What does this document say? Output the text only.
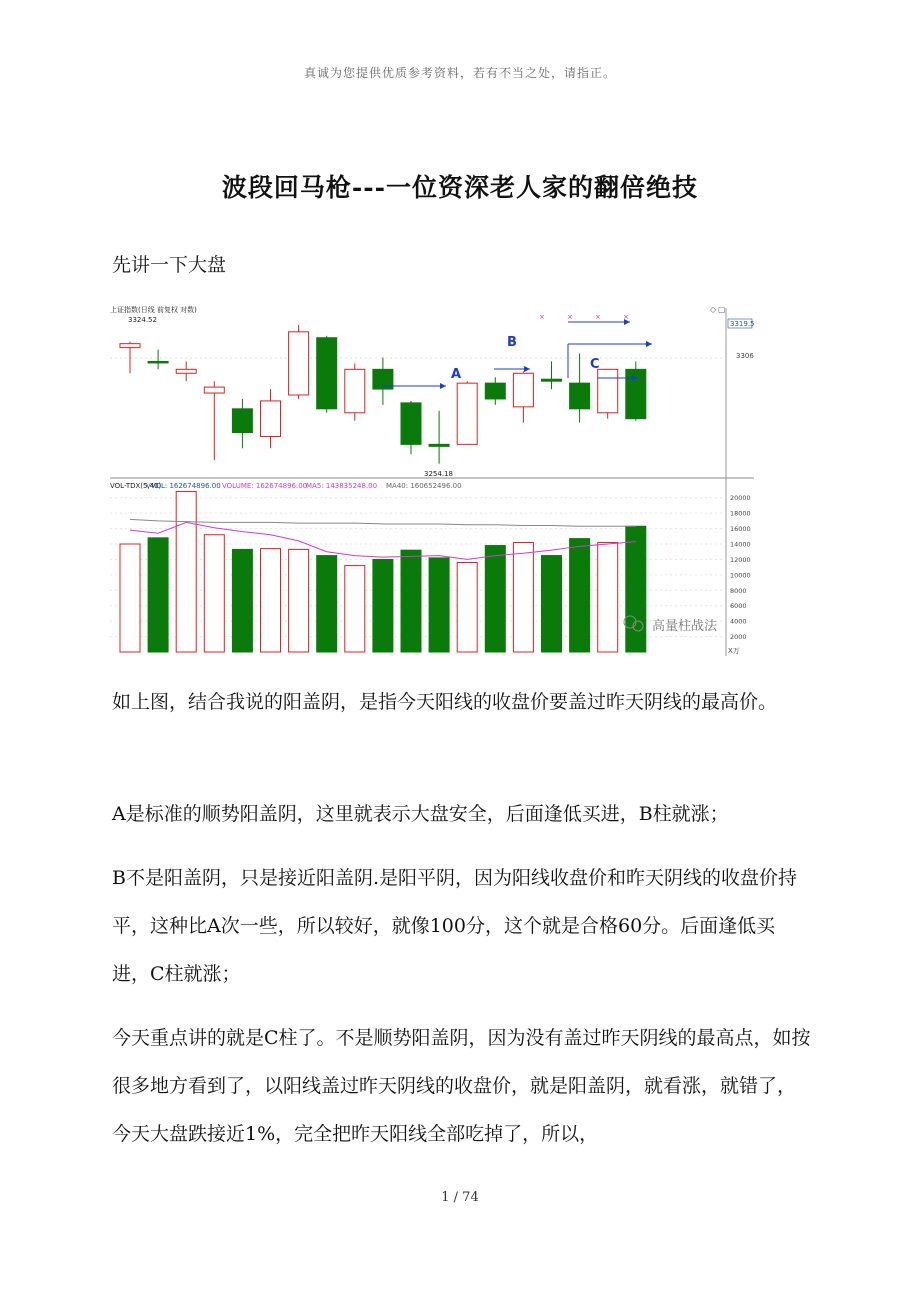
真诚为您提供优质参考资料，若有不当之处，请指正。
波段回马枪---一位资深老人家的翻倍绝技
先讲一下大盘
上证指数(日线 前复权 对数)
3324.52
3254.18
3319.5
3306
◇ ▢
A
B
C
×	×	×	×
VOL-TDX(5,40)
VVOL: 162674896.00 VOLUME: 162674896.00
MA5: 143835248.00 MA40: 160652496.00
20000
18000
16000
14000
12000
10000
8000
6000
4000
2000
高量柱战法
X万
如上图，结合我说的阳盖阴，是指今天阳线的收盘价要盖过昨天阴线的最高价。
A是标准的顺势阳盖阴，这里就表示大盘安全，后面逢低买进，B柱就涨；
B不是阳盖阴，只是接近阳盖阴.是阳平阴，因为阳线收盘价和昨天阴线的收盘价持平，这种比A次一些，所以较好，就像100分，这个就是合格60分。后面逢低买进，C柱就涨；
今天重点讲的就是C柱了。不是顺势阳盖阴，因为没有盖过昨天阴线的最高点，如按很多地方看到了，以阳线盖过昨天阴线的收盘价，就是阳盖阴，就看涨，就错了，今天大盘跌接近1%，完全把昨天阳线全部吃掉了，所以，
1 / 74
